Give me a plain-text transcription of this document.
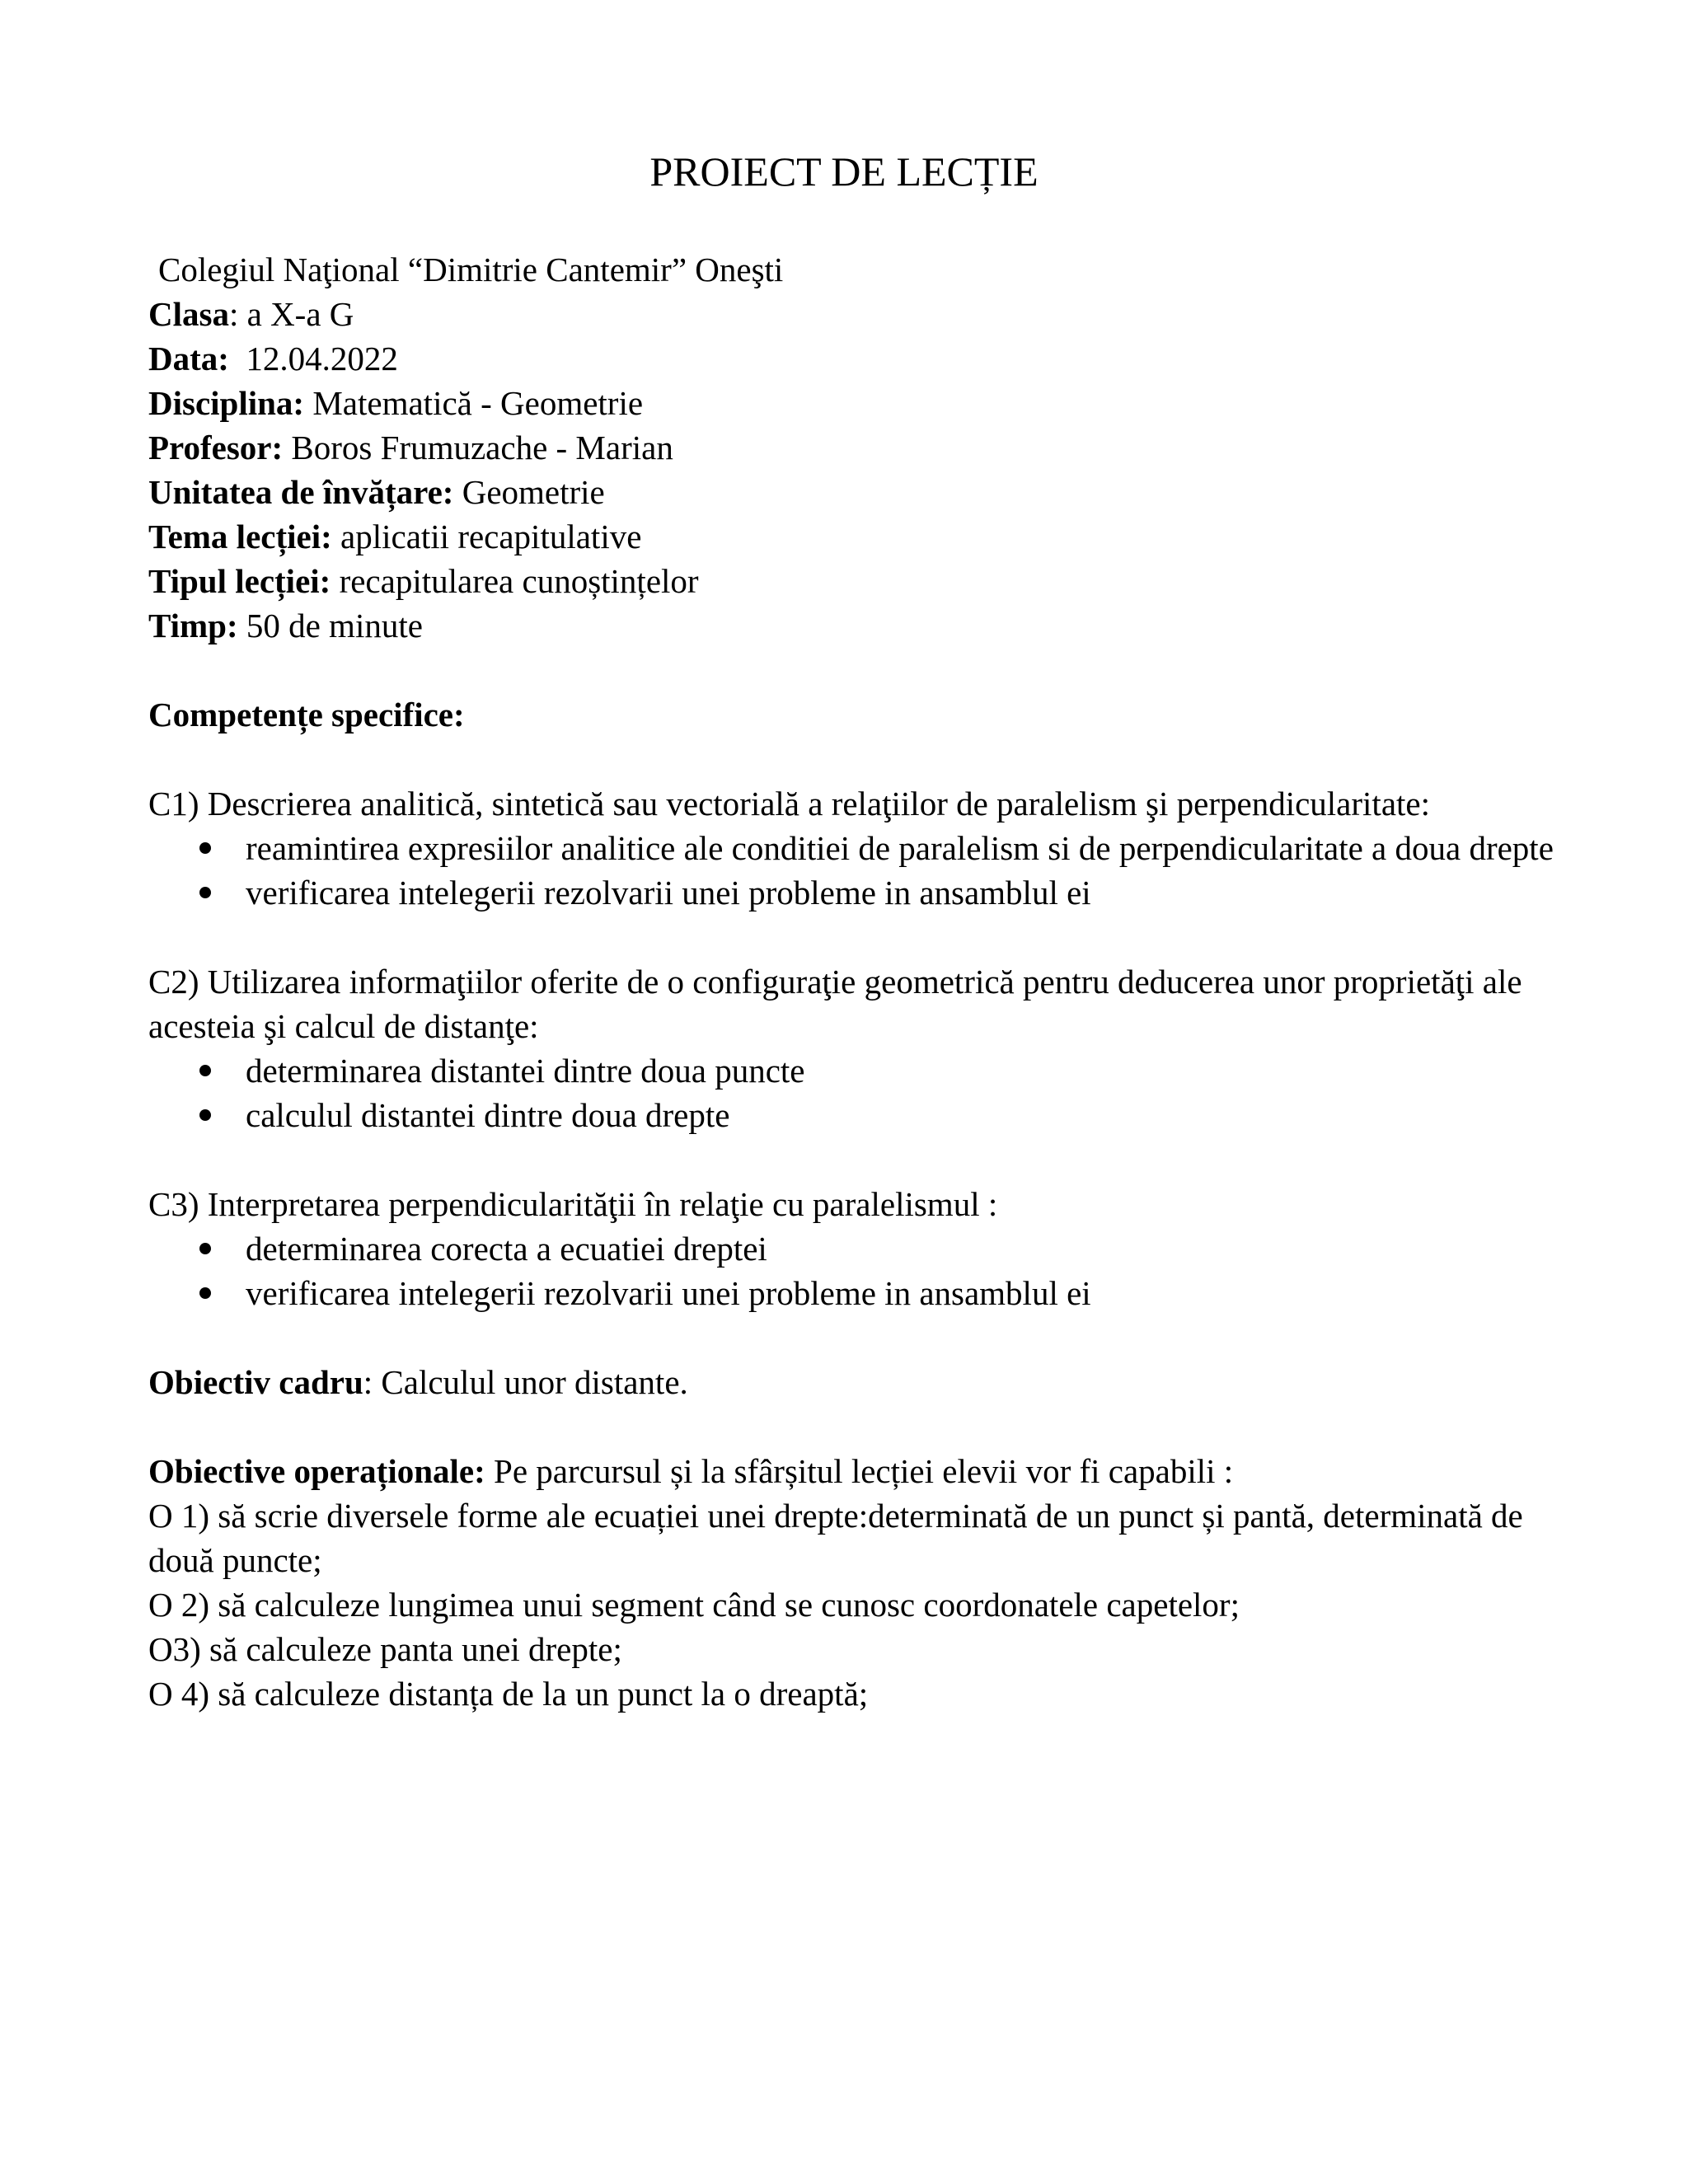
PROIECT DE LECȚIE

Colegiul Naţional “Dimitrie Cantemir” Oneşti

Clasa: a X-a G

Data: 12.04.2022

Disciplina: Matematică - Geometrie

Profesor: Boros Frumuzache - Marian

Unitatea de învățare: Geometrie

Tema lecției: aplicatii recapitulative

Tipul lecției: recapitularea cunoștințelor

Timp: 50 de minute

Competențe specifice:

C1) Descrierea analitică, sintetică sau vectorială a relaţiilor de paralelism şi perpendicularitate:

reamintirea expresiilor analitice ale conditiei de paralelism si de perpendicularitate a doua drepte
verificarea intelegerii rezolvarii unei probleme in ansamblul ei

C2) Utilizarea informaţiilor oferite de o configuraţie geometrică pentru deducerea unor proprietăţi ale acesteia şi calcul de distanţe:

determinarea distantei dintre doua puncte
calculul distantei dintre doua drepte

C3) Interpretarea perpendicularităţii în relaţie cu paralelismul :

determinarea corecta a ecuatiei dreptei
verificarea intelegerii rezolvarii unei probleme in ansamblul ei

Obiectiv cadru: Calculul unor distante.

Obiective operaționale: Pe parcursul și la sfârșitul lecției elevii vor fi capabili :

O 1) să scrie diversele forme ale ecuației unei drepte:determinată de un punct și pantă, determinată de două puncte;

O 2) să calculeze lungimea unui segment când se cunosc coordonatele capetelor;

O3) să calculeze panta unei drepte;

O 4) să calculeze distanța de la un punct la o dreaptă;
